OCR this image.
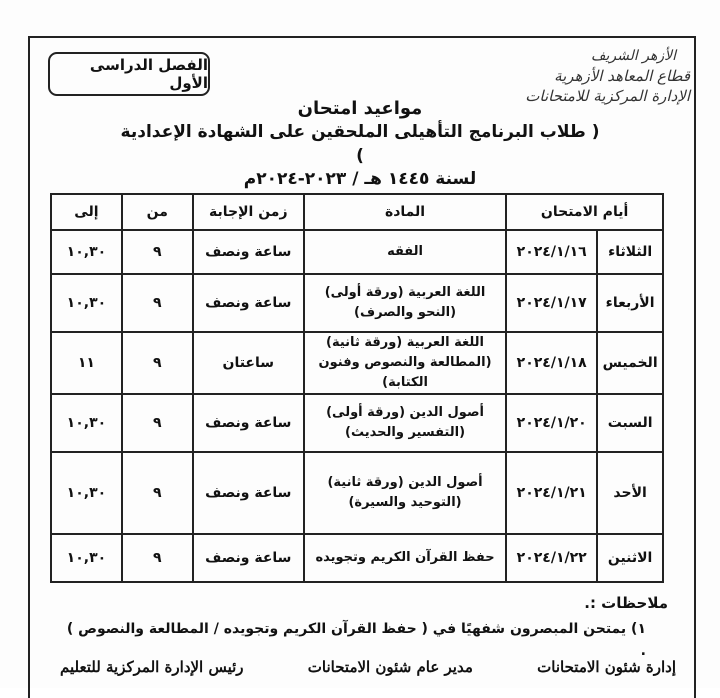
الأزهر الشريف
قطاع المعاهد الأزهرية
الإدارة المركزية للامتحانات
الفصل الدراسى الأول
مواعيد امتحان
( طلاب البرنامج التأهيلى الملحقين على الشهادة الإعدادية )
لسنة ١٤٤٥ هـ / ٢٠٢٣-٢٠٢٤م
أيام الامتحان		المادة	زمن الإجابة	من	إلى
الثلاثاء	٢٠٢٤/١/١٦	الفقه	ساعة ونصف	٩	١٠,٣٠
الأربعاء	٢٠٢٤/١/١٧	اللغة العربية (ورقة أولى)
(النحو والصرف)	ساعة ونصف	٩	١٠,٣٠
الخميس	٢٠٢٤/١/١٨	اللغة العربية (ورقة ثانية)
(المطالعة والنصوص وفنون الكتابة)	ساعتان	٩	١١
السبت	٢٠٢٤/١/٢٠	أصول الدين (ورقة أولى)
(التفسير والحديث)	ساعة ونصف	٩	١٠,٣٠
الأحد	٢٠٢٤/١/٢١	أصول الدين (ورقة ثانية)
(التوحيد والسيرة)	ساعة ونصف	٩	١٠,٣٠
الاثنين	٢٠٢٤/١/٢٢	حفظ القرآن الكريم وتجويده	ساعة ونصف	٩	١٠,٣٠
ملاحظات :.
١) يمتحن المبصرون شفهيًا في ( حفظ القرآن الكريم وتجويده / المطالعة والنصوص ) .
إدارة شئون الامتحانات
مدير عام شئون الامتحانات
رئيس الإدارة المركزية للتعليم
